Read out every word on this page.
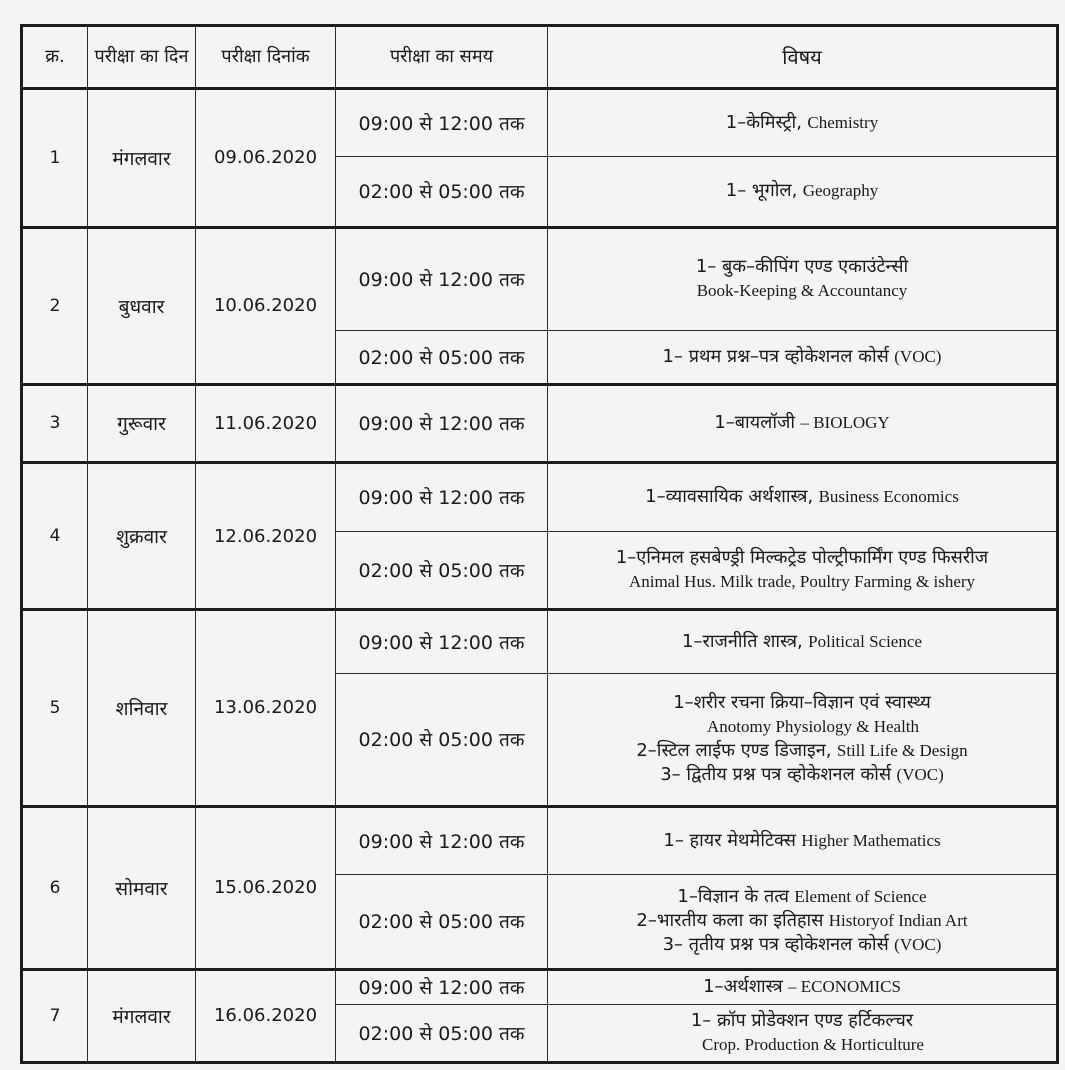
क्र.	परीक्षा का दिन	परीक्षा दिनांक	परीक्षा का समय	विषय
1	मंगलवार	09.06.2020	09:00 से 12:00 तक	1–केमिस्ट्री, Chemistry

			02:00 से 05:00 तक	1– भूगोल, Geography

2	बुधवार	10.06.2020	09:00 से 12:00 तक	1– बुक–कीपिंग एण्ड एकाउंटेन्सी
Book-Keeping & Accountancy

			02:00 से 05:00 तक	1– प्रथम प्रश्न–पत्र व्होकेशनल कोर्स (VOC)

3	गुरूवार	11.06.2020	09:00 से 12:00 तक	1–बायलॉजी – BIOLOGY

4	शुक्रवार	12.06.2020	09:00 से 12:00 तक	1–व्यावसायिक अर्थशास्त्र, Business Economics

			02:00 से 05:00 तक	1–एनिमल हसबेण्ड्री मिल्कट्रेड पोल्ट्रीफार्मिंग एण्ड फिसरीज
Animal Hus. Milk trade, Poultry Farming & ishery

5	शनिवार	13.06.2020	09:00 से 12:00 तक	1–राजनीति शास्त्र, Political Science

			02:00 से 05:00 तक	1–शरीर रचना क्रिया–विज्ञान एवं स्वास्थ्य
Anotomy Physiology & Health
2–स्टिल लाईफ एण्ड डिजाइन, Still Life & Design
3– द्वितीय प्रश्न पत्र व्होकेशनल कोर्स (VOC)

6	सोमवार	15.06.2020	09:00 से 12:00 तक	1– हायर मेथमेटिक्स Higher Mathematics

			02:00 से 05:00 तक	1–विज्ञान के तत्व Element of Science
2–भारतीय कला का इतिहास Historyof Indian Art
3– तृतीय प्रश्न पत्र व्होकेशनल कोर्स (VOC)

7	मंगलवार	16.06.2020	09:00 से 12:00 तक	1–अर्थशास्त्र – ECONOMICS

			02:00 से 05:00 तक	1– क्रॉप प्रोडेक्शन एण्ड हर्टिकल्चर
Crop. Production & Horticulture
